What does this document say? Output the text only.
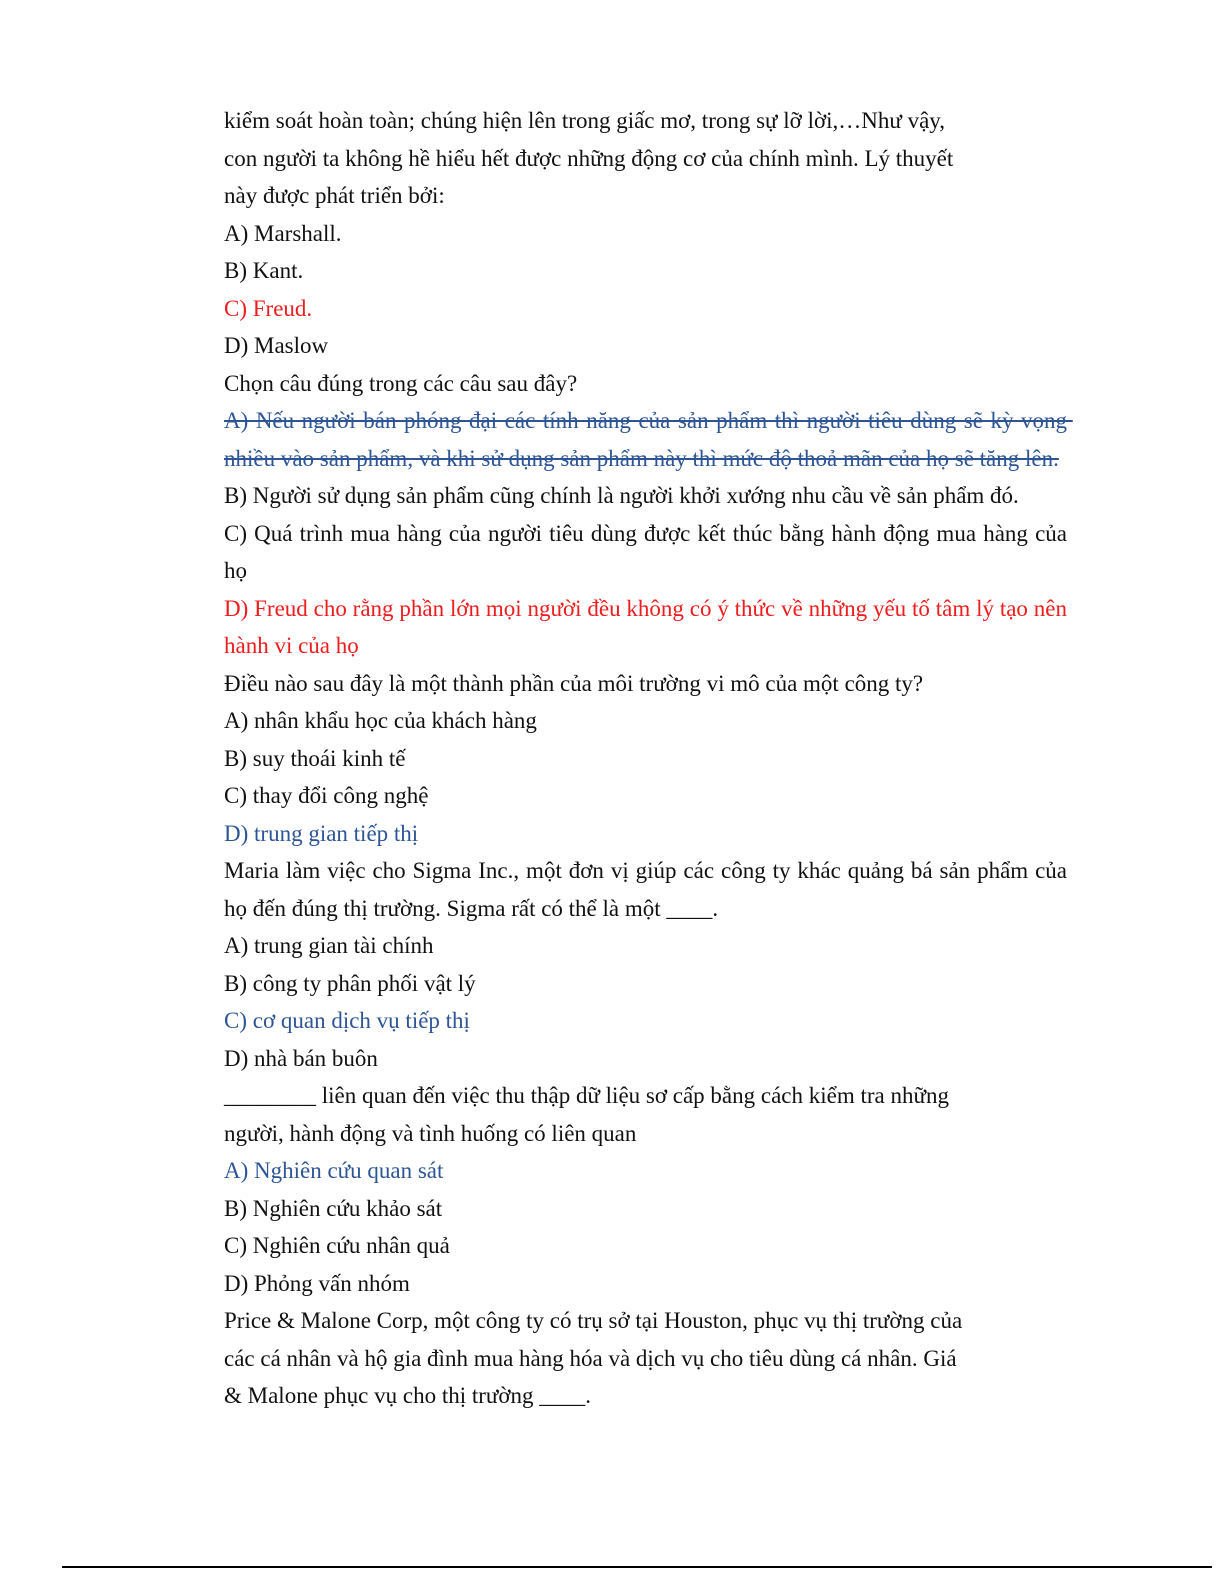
kiểm soát hoàn toàn; chúng hiện lên trong giấc mơ, trong sự lỡ lời,…Như vậy,

con người ta không hề hiểu hết được những động cơ của chính mình. Lý thuyết

này được phát triển bởi:

A) Marshall.

B) Kant.

C) Freud.

D) Maslow

Chọn câu đúng trong các câu sau đây?

A) Nếu người bán phóng đại các tính năng của sản phẩm thì người tiêu dùng sẽ kỳ vọng nhiều vào sản phẩm, và khi sử dụng sản phẩm này thì mức độ thoả mãn của họ sẽ tăng lên.

B) Người sử dụng sản phẩm cũng chính là người khởi xướng nhu cầu về sản phẩm đó.

C) Quá trình mua hàng của người tiêu dùng được kết thúc bằng hành động mua hàng của họ

D) Freud cho rằng phần lớn mọi người đều không có ý thức về những yếu tố tâm lý tạo nên hành vi của họ

Điều nào sau đây là một thành phần của môi trường vi mô của một công ty?

A) nhân khẩu học của khách hàng

B) suy thoái kinh tế

C) thay đổi công nghệ

D) trung gian tiếp thị

Maria làm việc cho Sigma Inc., một đơn vị giúp các công ty khác quảng bá sản phẩm của họ đến đúng thị trường. Sigma rất có thể là một ____.

A) trung gian tài chính

B) công ty phân phối vật lý

C) cơ quan dịch vụ tiếp thị

D) nhà bán buôn

________ liên quan đến việc thu thập dữ liệu sơ cấp bằng cách kiểm tra những

người, hành động và tình huống có liên quan

A) Nghiên cứu quan sát

B) Nghiên cứu khảo sát

C) Nghiên cứu nhân quả

D) Phỏng vấn nhóm

Price & Malone Corp, một công ty có trụ sở tại Houston, phục vụ thị trường của

các cá nhân và hộ gia đình mua hàng hóa và dịch vụ cho tiêu dùng cá nhân. Giá

& Malone phục vụ cho thị trường ____.
